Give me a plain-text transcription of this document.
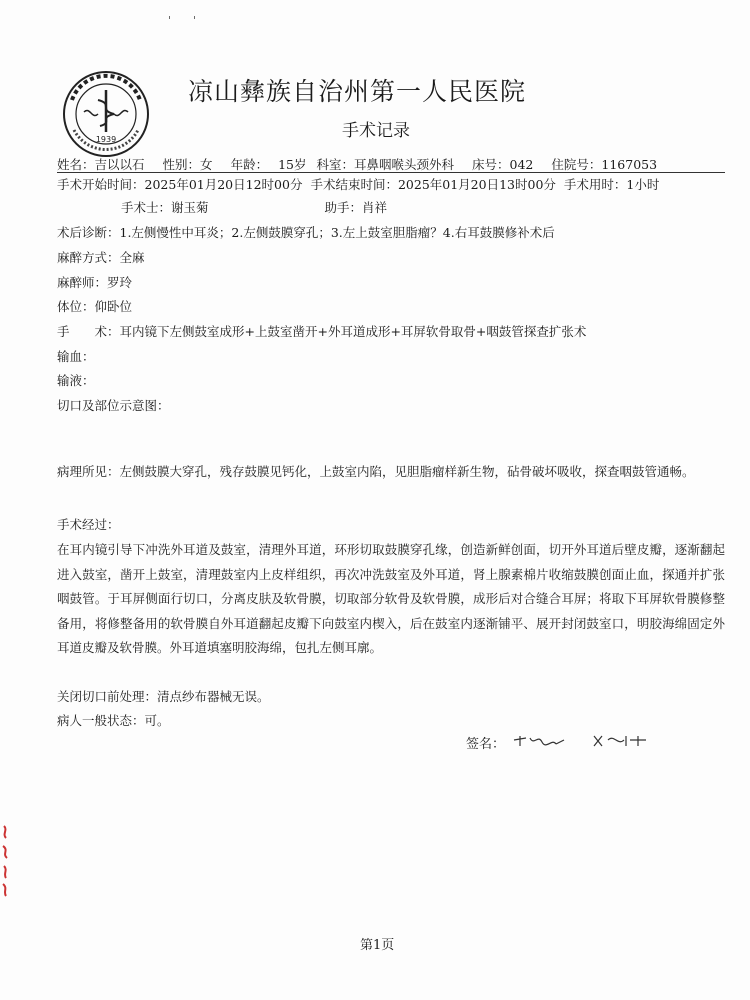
'　　'
1939
凉山彝族自治州第一人民医院
手术记录
姓名：吉以以石 性别：女 年龄： 15岁 科室：耳鼻咽喉头颈外科 床号：042 住院号：1167053
手术开始时间：2025年01月20日12时00分 手术结束时间：2025年01月20日13时00分 手术用时：1小时
手术士：谢玉菊	助手：肖祥
术后诊断：1.左侧慢性中耳炎；2.左侧鼓膜穿孔；3.左上鼓室胆脂瘤？4.右耳鼓膜修补术后
麻醉方式：全麻
麻醉师：罗玲
体位：仰卧位
手　　术：耳内镜下左侧鼓室成形+上鼓室凿开+外耳道成形+耳屏软骨取骨+咽鼓管探查扩张术
输血：
输液：
切口及部位示意图：
病理所见：左侧鼓膜大穿孔，残存鼓膜见钙化，上鼓室内陷，见胆脂瘤样新生物，砧骨破坏吸收，探查咽鼓管通畅。
手术经过：
在耳内镜引导下冲洗外耳道及鼓室，清理外耳道，环形切取鼓膜穿孔缘，创造新鲜创面，切开外耳道后壁皮瓣，逐渐翻起进入鼓室，凿开上鼓室，清理鼓室内上皮样组织，再次冲洗鼓室及外耳道，肾上腺素棉片收缩鼓膜创面止血，探通并扩张咽鼓管。于耳屏侧面行切口，分离皮肤及软骨膜，切取部分软骨及软骨膜，成形后对合缝合耳屏；将取下耳屏软骨膜修整备用，将修整备用的软骨膜自外耳道翻起皮瓣下向鼓室内楔入，后在鼓室内逐渐铺平、展开封闭鼓室口，明胶海绵固定外耳道皮瓣及软骨膜。外耳道填塞明胶海绵，包扎左侧耳廓。
关闭切口前处理：清点纱布器械无误。
病人一般状态：可。
签名：
第1页
